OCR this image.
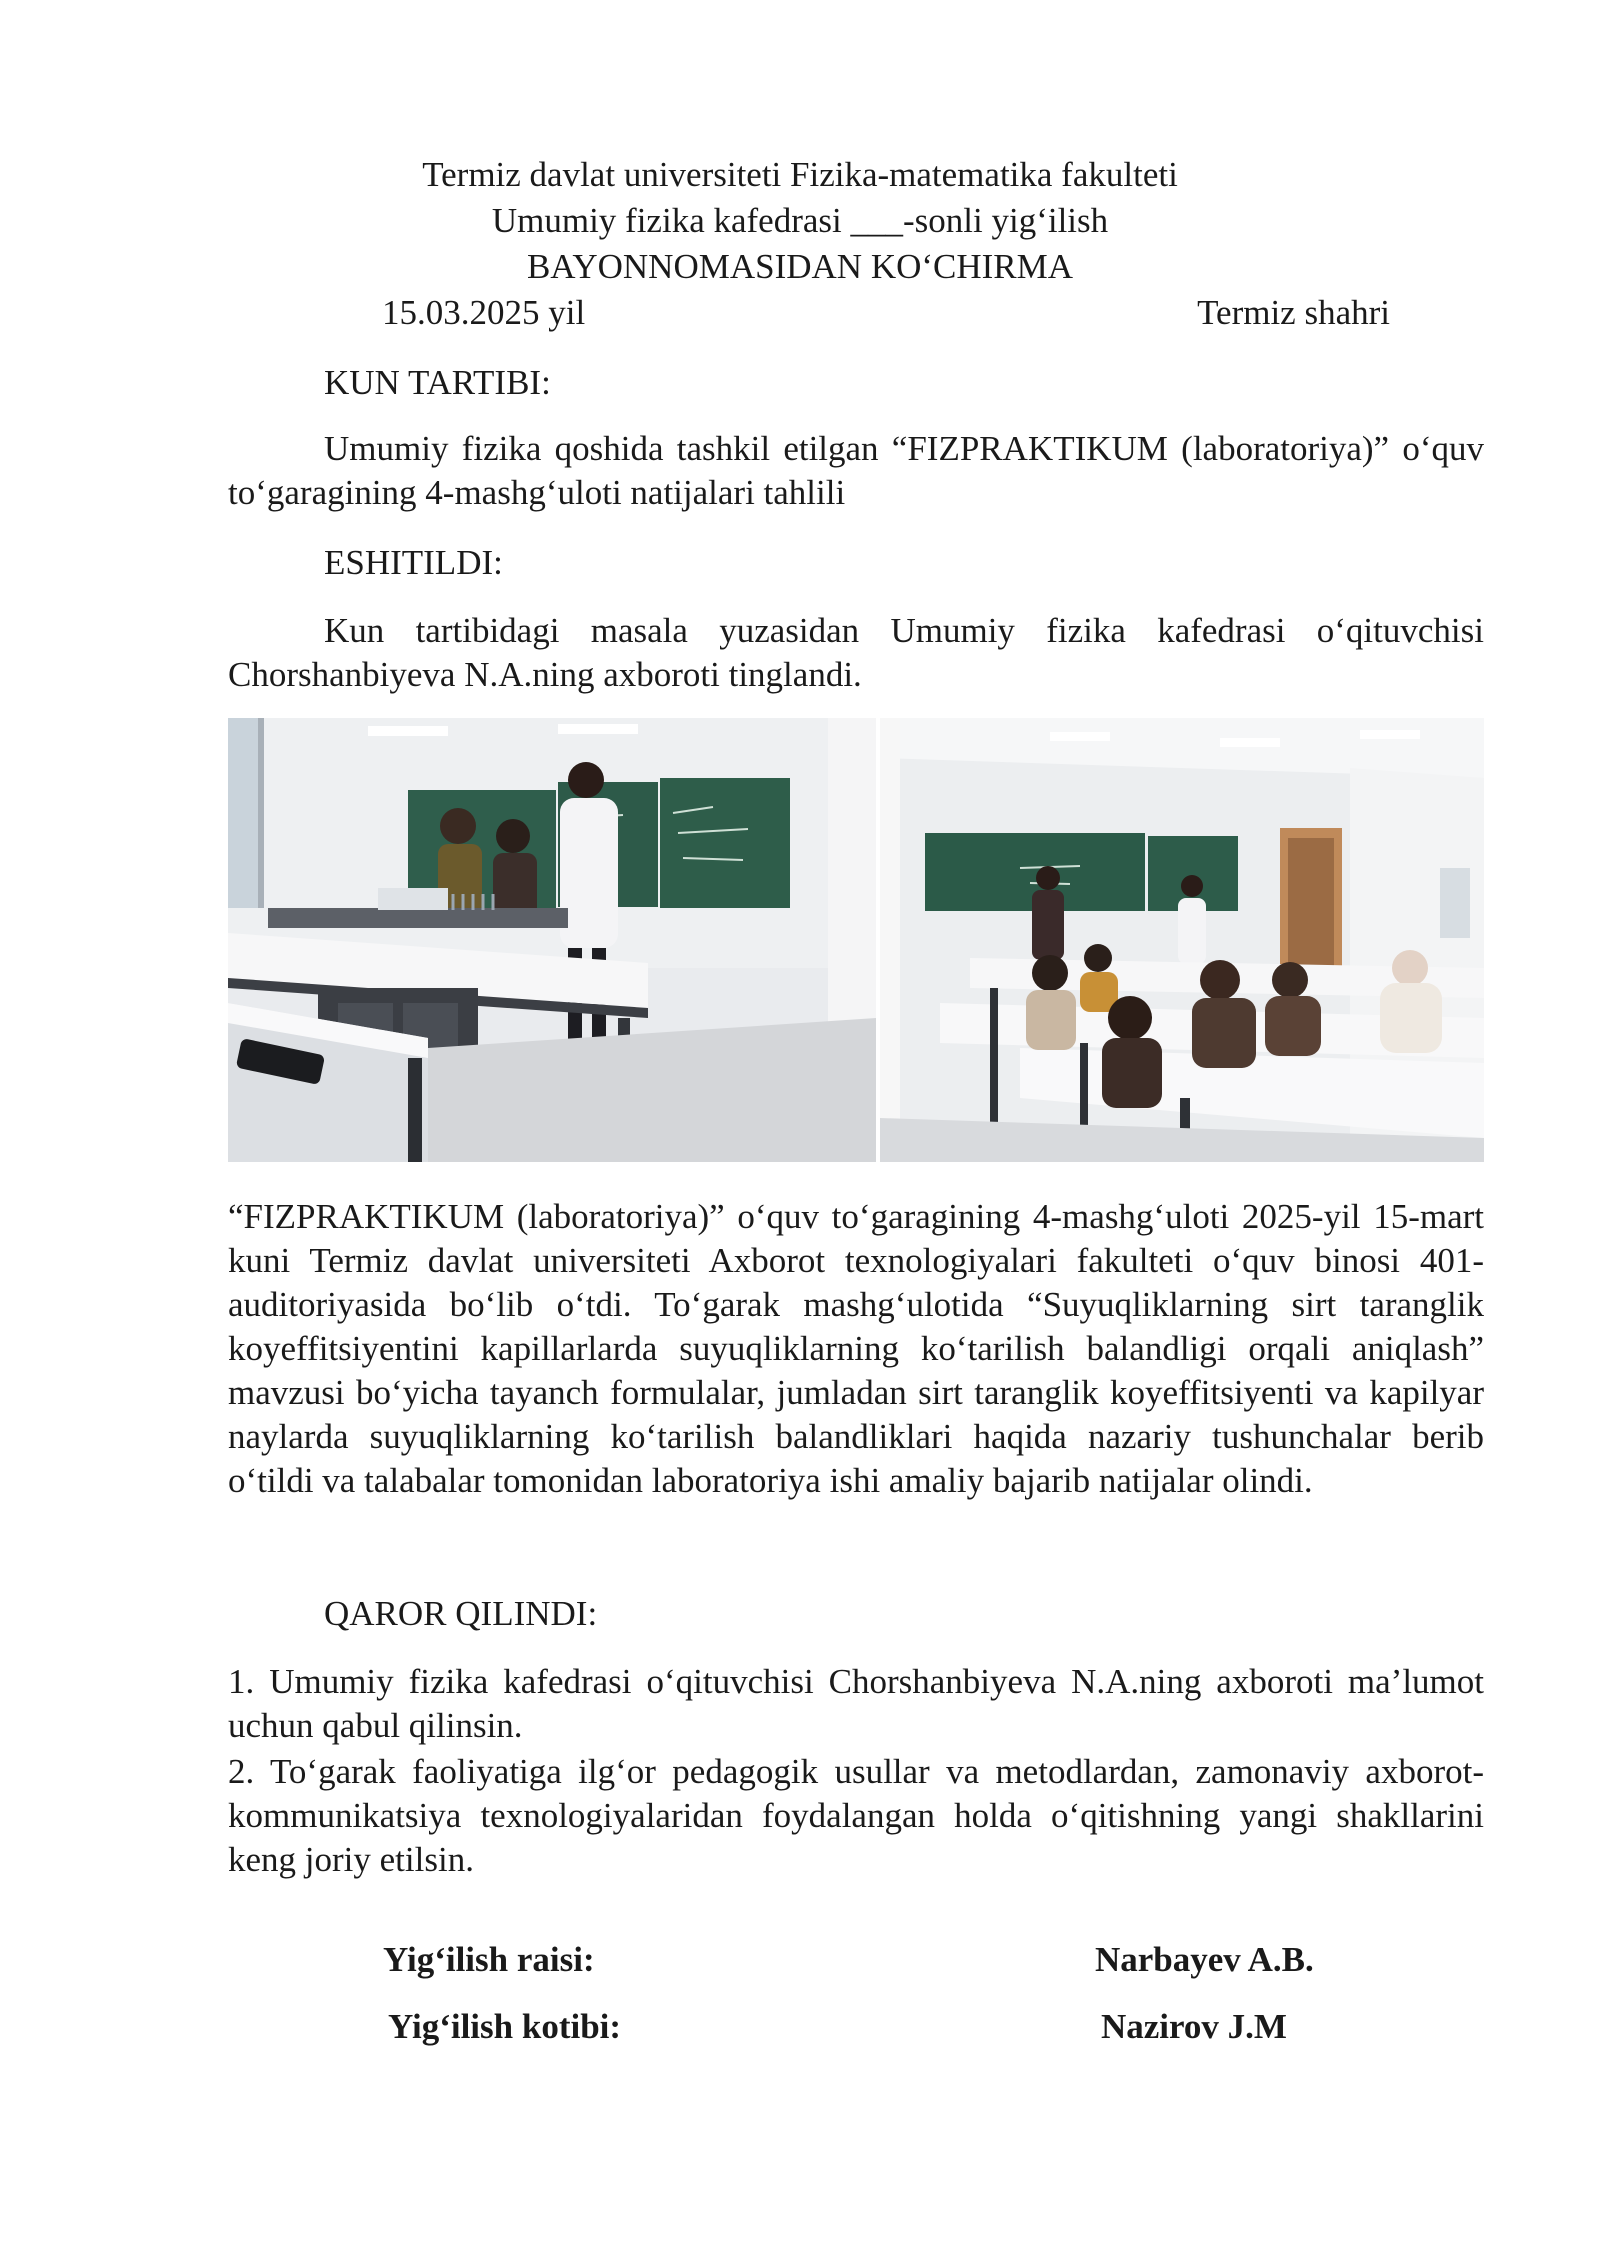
Termiz davlat universiteti Fizika-matematika fakulteti
Umumiy fizika kafedrasi ___-sonli yig‘ilish
BAYONNOMASIDAN KO‘CHIRMA
15.03.2025 yil	Termiz shahri
KUN TARTIBI:
Umumiy fizika qoshida tashkil etilgan “FIZPRAKTIKUM (laboratoriya)” o‘quv to‘garagining 4-mashg‘uloti natijalari tahlili
ESHITILDI:
Kun tartibidagi masala yuzasidan Umumiy fizika kafedrasi o‘qituvchisi Chorshanbiyeva N.A.ning axboroti tinglandi.
“FIZPRAKTIKUM (laboratoriya)” o‘quv to‘garagining 4-mashg‘uloti 2025-yil 15-mart kuni Termiz davlat universiteti Axborot texnologiyalari fakulteti o‘quv binosi 401-auditoriyasida bo‘lib o‘tdi. To‘garak mashg‘ulotida “Suyuqliklarning sirt taranglik koyeffitsiyentini kapillarlarda suyuqliklarning ko‘tarilish balandligi orqali aniqlash” mavzusi bo‘yicha tayanch formulalar, jumladan sirt taranglik koyeffitsiyenti va kapilyar naylarda suyuqliklarning ko‘tarilish balandliklari haqida nazariy tushunchalar berib o‘tildi va talabalar tomonidan laboratoriya ishi amaliy bajarib natijalar olindi.
QAROR QILINDI:
1. Umumiy fizika kafedrasi o‘qituvchisi Chorshanbiyeva N.A.ning axboroti ma’lumot uchun qabul qilinsin.
2. To‘garak faoliyatiga ilg‘or pedagogik usullar va metodlardan, zamonaviy axborot-kommunikatsiya texnologiyalaridan foydalangan holda o‘qitishning yangi shakllarini keng joriy etilsin.
Yig‘ilish raisi:	Narbayev A.B.
Yig‘ilish kotibi:	Nazirov J.M
